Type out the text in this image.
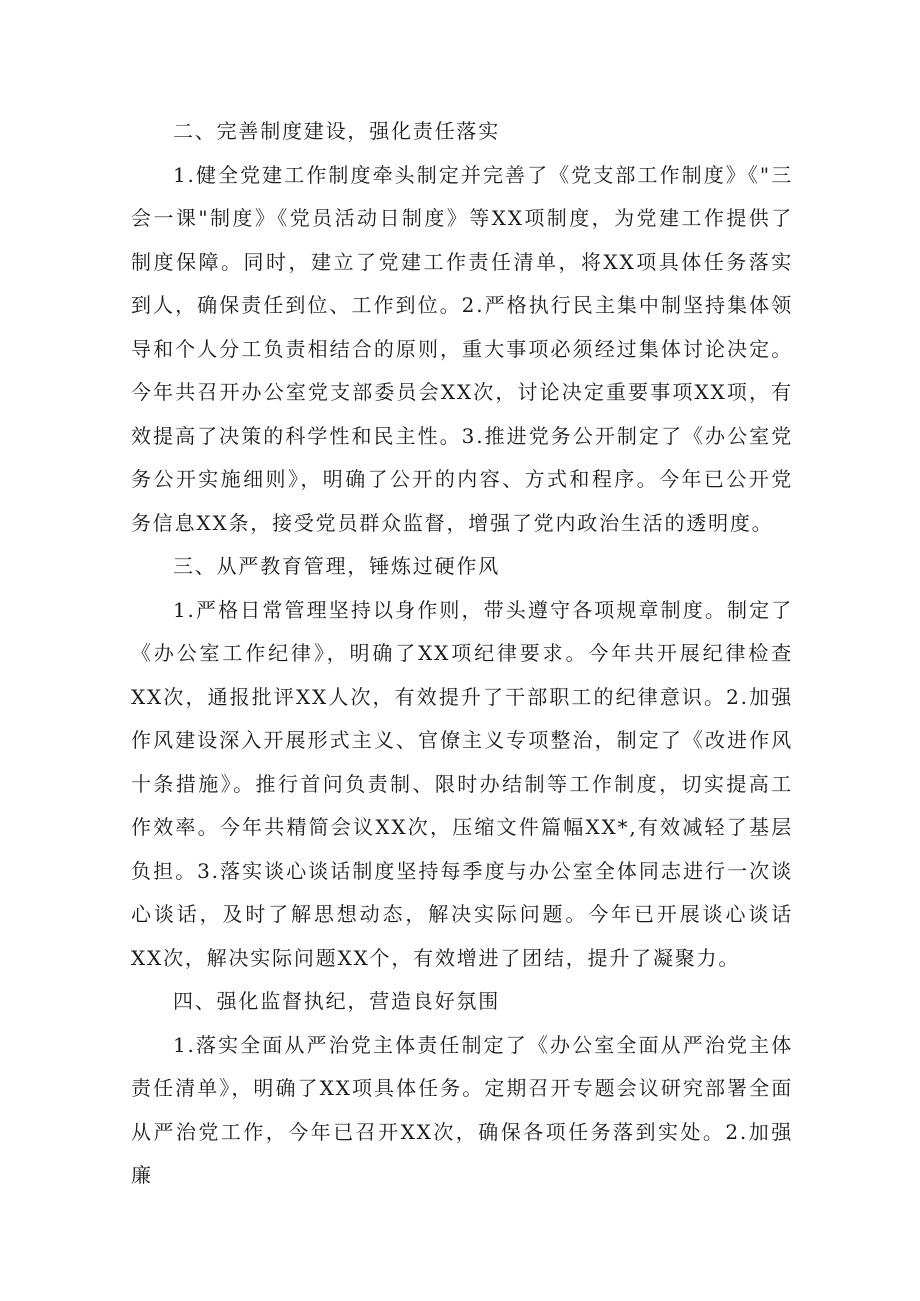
二、完善制度建设，强化责任落实

1.健全党建工作制度牵头制定并完善了《党支部工作制度》《"三会一课"制度》《党员活动日制度》等XX项制度，为党建工作提供了制度保障。同时，建立了党建工作责任清单，将XX项具体任务落实到人，确保责任到位、工作到位。2.严格执行民主集中制坚持集体领导和个人分工负责相结合的原则，重大事项必须经过集体讨论决定。今年共召开办公室党支部委员会XX次，讨论决定重要事项XX项，有效提高了决策的科学性和民主性。3.推进党务公开制定了《办公室党务公开实施细则》，明确了公开的内容、方式和程序。今年已公开党务信息XX条，接受党员群众监督，增强了党内政治生活的透明度。

三、从严教育管理，锤炼过硬作风

1.严格日常管理坚持以身作则，带头遵守各项规章制度。制定了《办公室工作纪律》，明确了XX项纪律要求。今年共开展纪律检查XX次，通报批评XX人次，有效提升了干部职工的纪律意识。2.加强作风建设深入开展形式主义、官僚主义专项整治，制定了《改进作风十条措施》。推行首问负责制、限时办结制等工作制度，切实提高工作效率。今年共精简会议XX次，压缩文件篇幅XX*,有效减轻了基层负担。3.落实谈心谈话制度坚持每季度与办公室全体同志进行一次谈心谈话，及时了解思想动态，解决实际问题。今年已开展谈心谈话XX次，解决实际问题XX个，有效增进了团结，提升了凝聚力。

四、强化监督执纪，营造良好氛围

1.落实全面从严治党主体责任制定了《办公室全面从严治党主体责任清单》，明确了XX项具体任务。定期召开专题会议研究部署全面从严治党工作，今年已召开XX次，确保各项任务落到实处。2.加强廉
